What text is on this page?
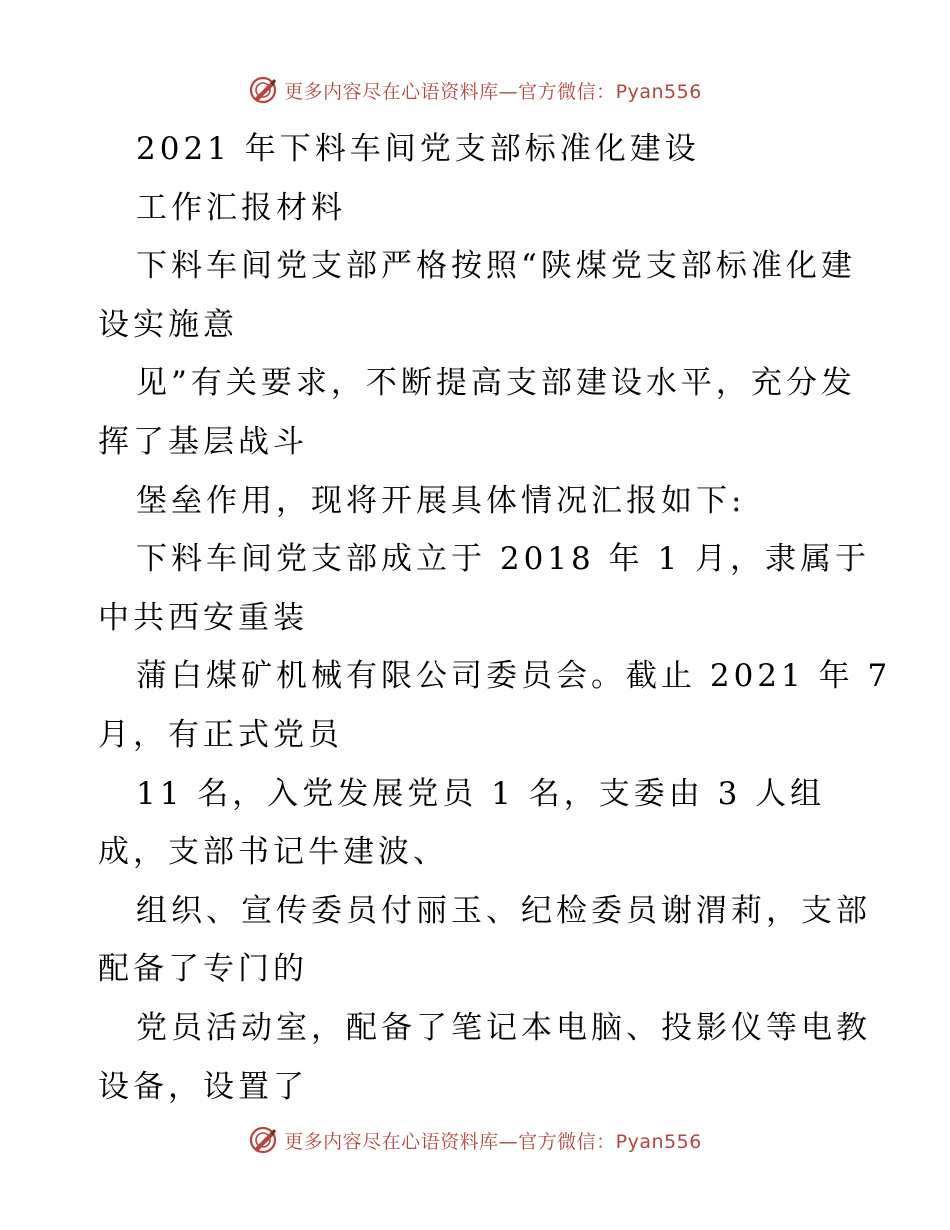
更多内容尽在心语资料库—官方微信：Pyan556
2021 年下料车间党支部标准化建设
工作汇报材料
下料车间党支部严格按照“陕煤党支部标准化建
设实施意
见”有关要求，不断提高支部建设水平，充分发
挥了基层战斗
堡垒作用，现将开展具体情况汇报如下:
下料车间党支部成立于 2018 年 1 月，隶属于
中共西安重装
蒲白煤矿机械有限公司委员会。截止 2021 年 7
月，有正式党员
11 名，入党发展党员 1 名，支委由 3 人组
成，支部书记牛建波、
组织、宣传委员付丽玉、纪检委员谢渭莉，支部
配备了专门的
党员活动室，配备了笔记本电脑、投影仪等电教
设备，设置了
更多内容尽在心语资料库—官方微信：Pyan556
